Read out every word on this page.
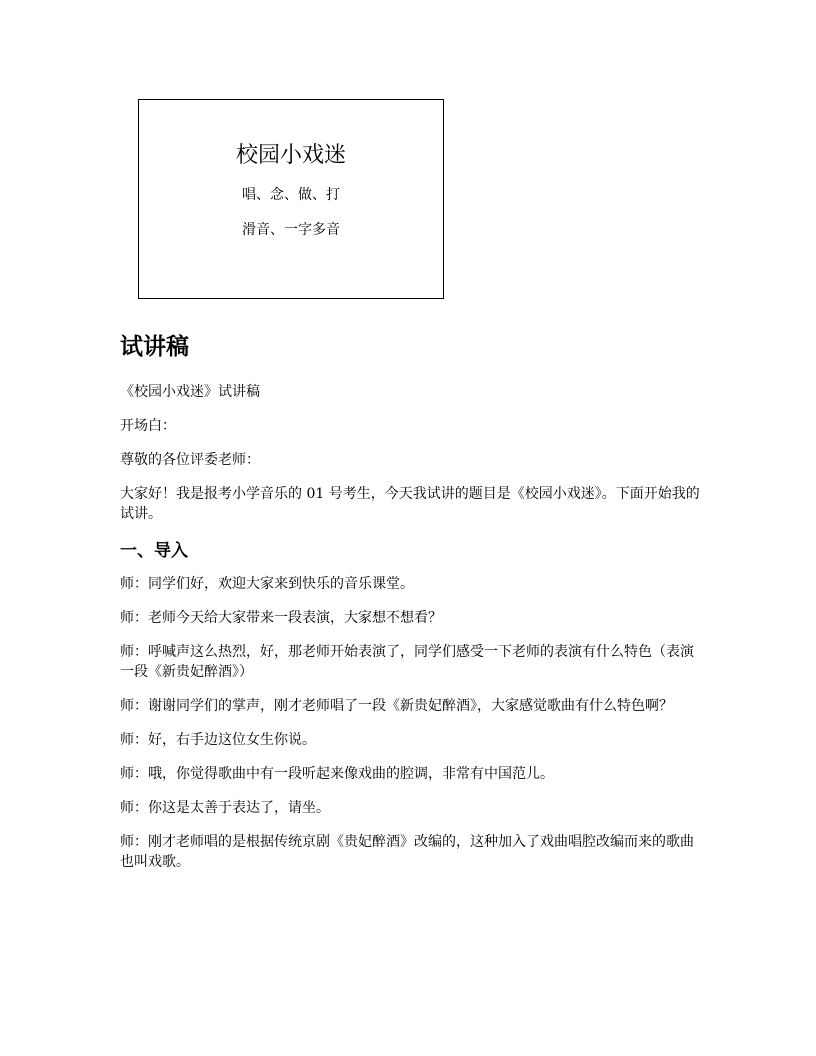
校园小戏迷
唱、念、做、打
滑音、一字多音
试讲稿

《校园小戏迷》试讲稿

开场白：

尊敬的各位评委老师：

大家好！我是报考小学音乐的 01 号考生，今天我试讲的题目是《校园小戏迷》。下面开始我的试讲。

一、导入

师：同学们好，欢迎大家来到快乐的音乐课堂。

师：老师今天给大家带来一段表演，大家想不想看？

师：呼喊声这么热烈，好，那老师开始表演了，同学们感受一下老师的表演有什么特色（表演一段《新贵妃醉酒》）

师：谢谢同学们的掌声，刚才老师唱了一段《新贵妃醉酒》，大家感觉歌曲有什么特色啊？

师：好，右手边这位女生你说。

师：哦，你觉得歌曲中有一段听起来像戏曲的腔调，非常有中国范儿。

师：你这是太善于表达了，请坐。

师：刚才老师唱的是根据传统京剧《贵妃醉酒》改编的，这种加入了戏曲唱腔改编而来的歌曲也叫戏歌。
